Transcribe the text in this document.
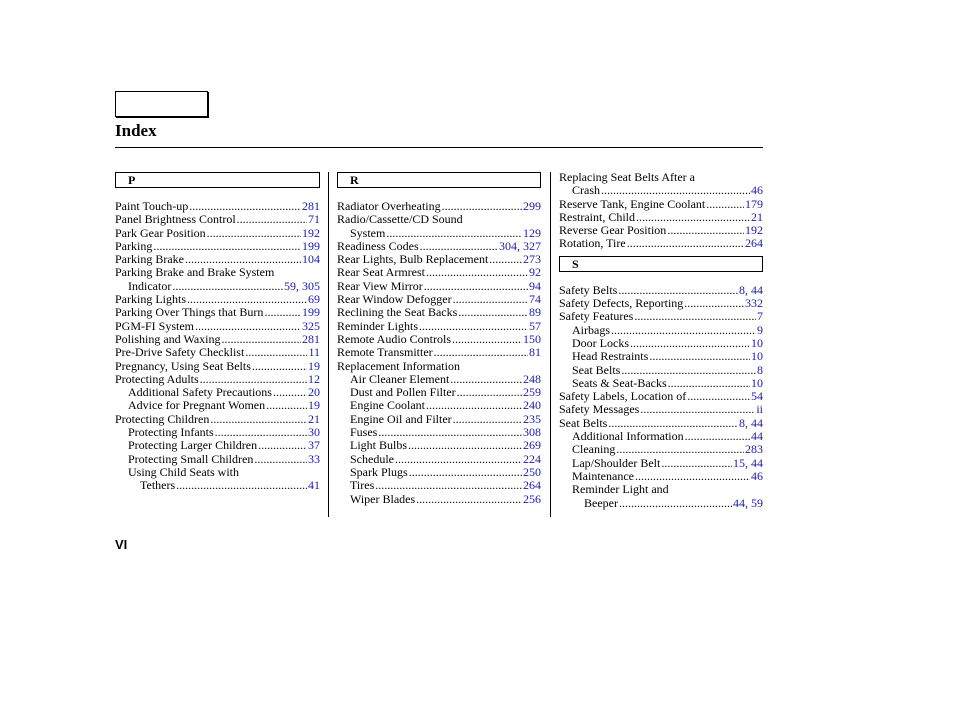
Index
P
Paint Touch-up .....	281
Panel Brightness Control .....	71
Park Gear Position .....	192
Parking .....	199
Parking Brake .....	104
Parking Brake and Brake System
Indicator .....	59, 305
Parking Lights .....	69
Parking Over Things that Burn .....	199
PGM-FI System .....	325
Polishing and Waxing .....	281
Pre-Drive Safety Checklist .....	11
Pregnancy, Using Seat Belts .....	19
Protecting Adults .....	12
Additional Safety Precautions .....	20
Advice for Pregnant Women .....	19
Protecting Children .....	21
Protecting Infants .....	30
Protecting Larger Children .....	37
Protecting Small Children .....	33
Using Child Seats with
Tethers .....	41
R
Radiator Overheating .....	299
Radio/Cassette/CD Sound
System .....	129
Readiness Codes .....	304, 327
Rear Lights, Bulb Replacement .....	273
Rear Seat Armrest .....	92
Rear View Mirror .....	94
Rear Window Defogger .....	74
Reclining the Seat Backs .....	89
Reminder Lights .....	57
Remote Audio Controls .....	150
Remote Transmitter .....	81
Replacement Information
Air Cleaner Element .....	248
Dust and Pollen Filter .....	259
Engine Coolant .....	240
Engine Oil and Filter .....	235
Fuses .....	308
Light Bulbs .....	269
Schedule .....	224
Spark Plugs .....	250
Tires .....	264
Wiper Blades .....	256
Replacing Seat Belts After a
Crash .....	46
Reserve Tank, Engine Coolant .....	179
Restraint, Child .....	21
Reverse Gear Position .....	192
Rotation, Tire .....	264
S
Safety Belts .....	8, 44
Safety Defects, Reporting .....	332
Safety Features .....	7
Airbags .....	9
Door Locks .....	10
Head Restraints .....	10
Seat Belts .....	8
Seats & Seat-Backs .....	10
Safety Labels, Location of .....	54
Safety Messages .....	ii
Seat Belts .....	8, 44
Additional Information .....	44
Cleaning .....	283
Lap/Shoulder Belt .....	15, 44
Maintenance .....	46
Reminder Light and
Beeper .....	44, 59
VI
